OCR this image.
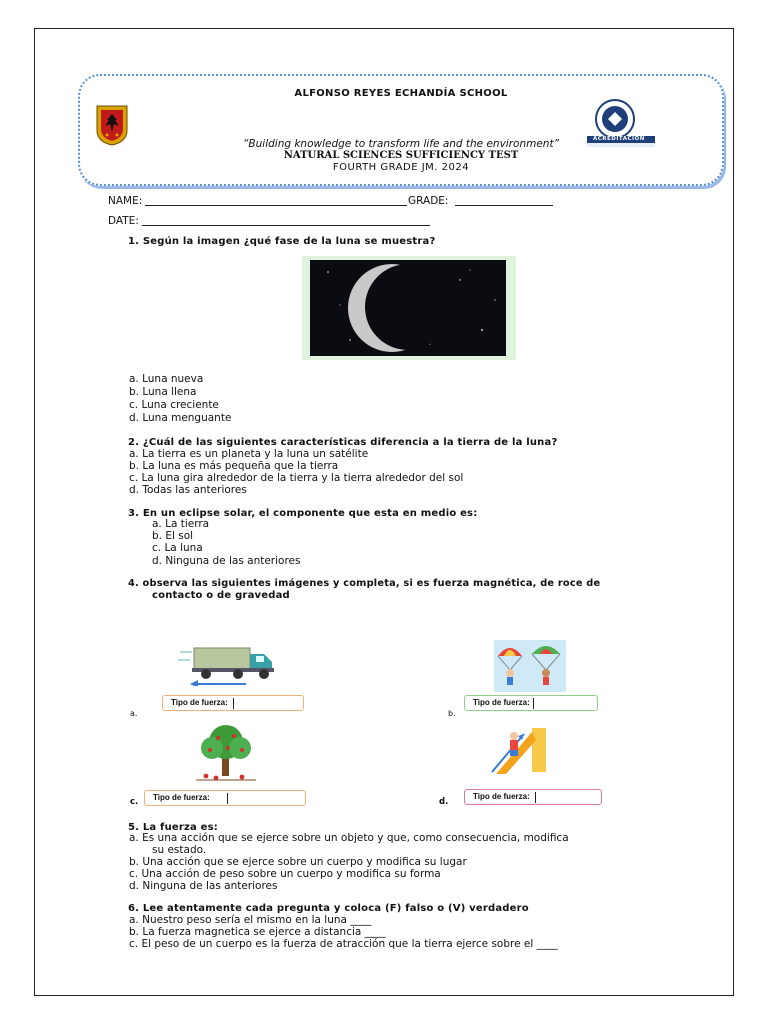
ALFONSO REYES ECHANDÍA SCHOOL
“Building knowledge to transform life and the environment”
NATURAL SCIENCES SUFFICIENCY TEST
FOURTH GRADE JM. 2024
ACREDITACIÓN
NAME:	GRADE:
DATE:
1. Según la imagen ¿qué fase de la luna se muestra?
a. Luna nueva
b. Luna llena
c. Luna creciente
d. Luna menguante
2. ¿Cuál de las siguientes características diferencia a la tierra de la luna?
a. La tierra es un planeta y la luna un satélite
b. La luna es más pequeña que la tierra
c. La luna gira alrededor de la tierra y la tierra alrededor del sol
d. Todas las anteriores
3. En un eclipse solar, el componente que esta en medio es:
a. La tierra
b. El sol
c. La luna
d. Ninguna de las anteriores
4. observa las siguientes imágenes y completa, si es fuerza magnética, de roce de
contacto o de gravedad
a.
Tipo de fuerza:
b.
Tipo de fuerza:
c. Tipo de fuerza:	d.
Tipo de fuerza:
5. La fuerza es:
a. Es una acción que se ejerce sobre un objeto y que, como consecuencia, modifica
su estado.
b. Una acción que se ejerce sobre un cuerpo y modifica su lugar
c. Una acción de peso sobre un cuerpo y modifica su forma
d. Ninguna de las anteriores
6. Lee atentamente cada pregunta y coloca (F) falso o (V) verdadero
a. Nuestro peso sería el mismo en la luna ____
b. La fuerza magnetica se ejerce a distancia ____
c. El peso de un cuerpo es la fuerza de atracción que la tierra ejerce sobre el ____
